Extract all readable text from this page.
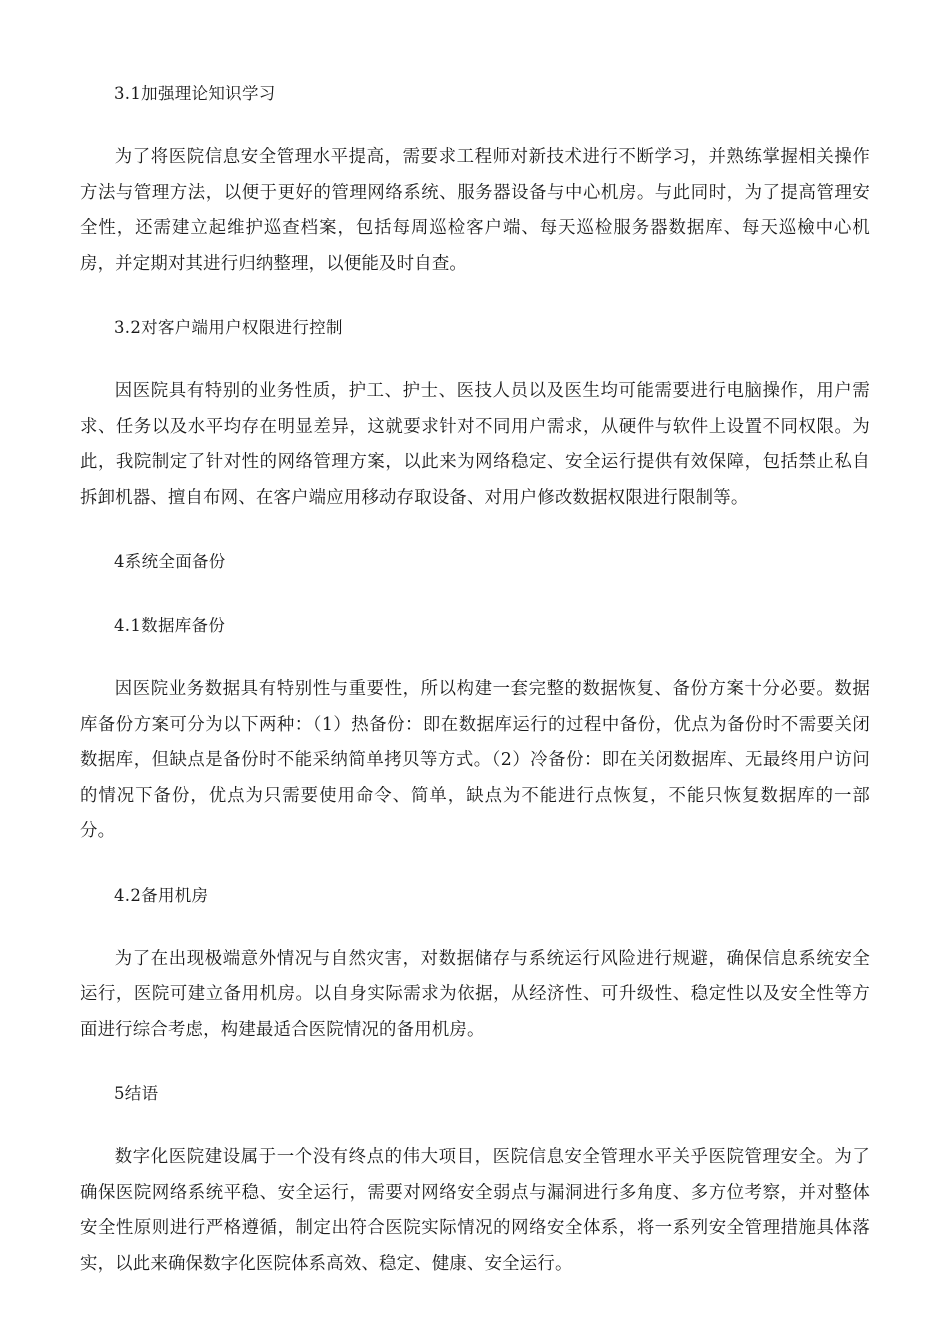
3.1加强理论知识学习

为了将医院信息安全管理水平提高，需要求工程师对新技术进行不断学习，并熟练掌握相关操作方法与管理方法，以便于更好的管理网络系统、服务器设备与中心机房。与此同时，为了提高管理安全性，还需建立起维护巡查档案，包括每周巡检客户端、每天巡检服务器数据库、每天巡檢中心机房，并定期对其进行归纳整理，以便能及时自查。

3.2对客户端用户权限进行控制

因医院具有特别的业务性质，护工、护士、医技人员以及医生均可能需要进行电脑操作，用户需求、任务以及水平均存在明显差异，这就要求针对不同用户需求，从硬件与软件上设置不同权限。为此，我院制定了针对性的网络管理方案，以此来为网络稳定、安全运行提供有效保障，包括禁止私自拆卸机器、擅自布网、在客户端应用移动存取设备、对用户修改数据权限进行限制等。

4系统全面备份

4.1数据库备份

因医院业务数据具有特别性与重要性，所以构建一套完整的数据恢复、备份方案十分必要。数据库备份方案可分为以下两种：（1）热备份：即在数据库运行的过程中备份，优点为备份时不需要关闭数据库，但缺点是备份时不能采纳简单拷贝等方式。（2）冷备份：即在关闭数据库、无最终用户访问的情况下备份，优点为只需要使用命令、简单，缺点为不能进行点恢复，不能只恢复数据库的一部分。

4.2备用机房

为了在出现极端意外情况与自然灾害，对数据储存与系统运行风险进行规避，确保信息系统安全运行，医院可建立备用机房。以自身实际需求为依据，从经济性、可升级性、稳定性以及安全性等方面进行综合考虑，构建最适合医院情况的备用机房。

5结语

数字化医院建设属于一个没有终点的伟大项目，医院信息安全管理水平关乎医院管理安全。为了确保医院网络系统平稳、安全运行，需要对网络安全弱点与漏洞进行多角度、多方位考察，并对整体安全性原则进行严格遵循，制定出符合医院实际情况的网络安全体系，将一系列安全管理措施具体落实，以此来确保数字化医院体系高效、稳定、健康、安全运行。
